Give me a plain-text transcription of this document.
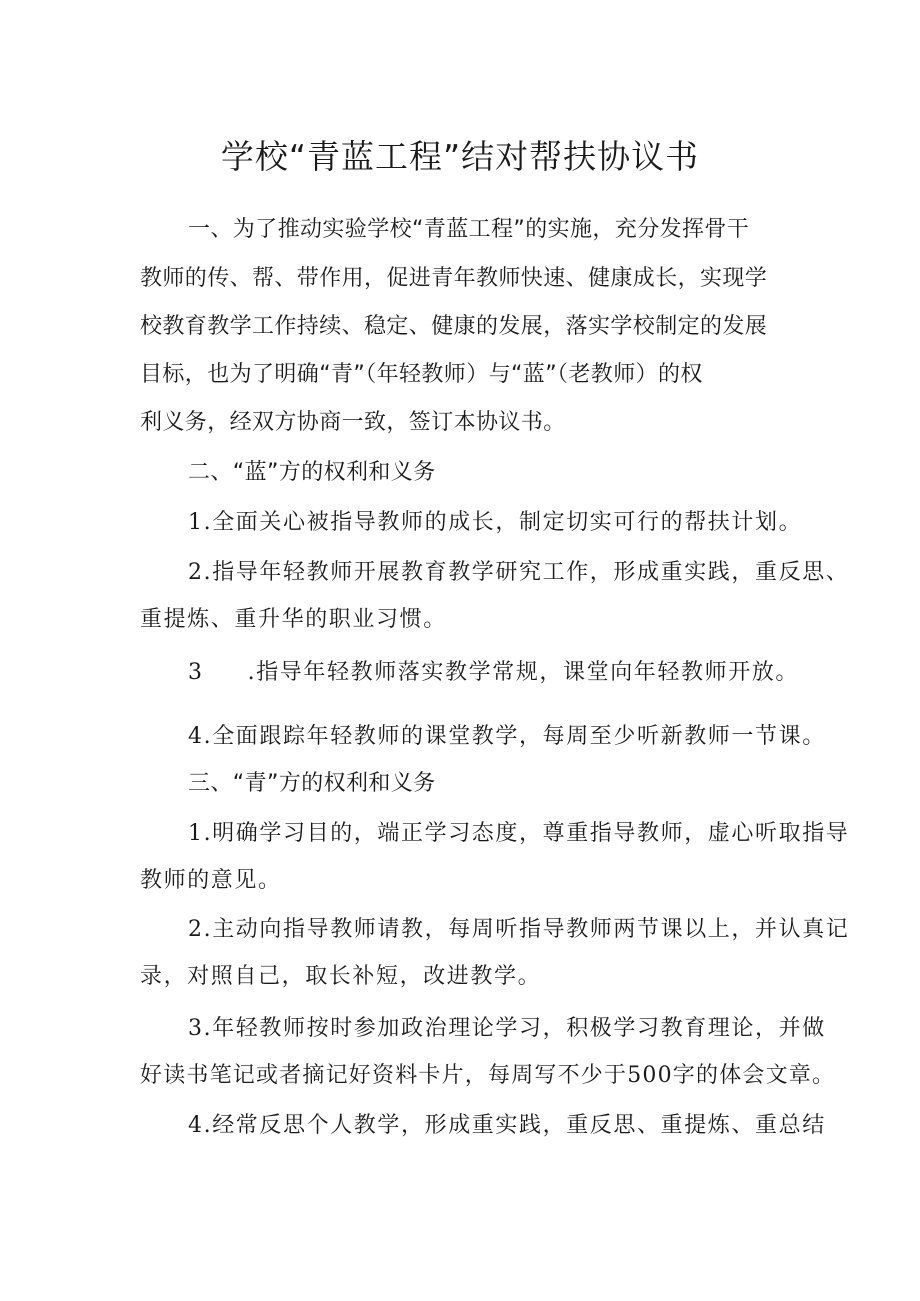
学校“青蓝工程”结对帮扶协议书
一、为了推动实验学校“青蓝工程”的实施，充分发挥骨干
教师的传、帮、带作用，促进青年教师快速、健康成长，实现学
校教育教学工作持续、稳定、健康的发展，落实学校制定的发展
目标，也为了明确“青”（年轻教师）与“蓝”（老教师）的权
利义务，经双方协商一致，签订本协议书。
二、“蓝”方的权利和义务
1.全面关心被指导教师的成长，制定切实可行的帮扶计划。
2.指导年轻教师开展教育教学研究工作，形成重实践，重反思、
重提炼、重升华的职业习惯。
3 .指导年轻教师落实教学常规，课堂向年轻教师开放。
4.全面跟踪年轻教师的课堂教学，每周至少听新教师一节课。
三、“青”方的权利和义务
1.明确学习目的，端正学习态度，尊重指导教师，虚心听取指导
教师的意见。
2.主动向指导教师请教，每周听指导教师两节课以上，并认真记
录，对照自己，取长补短，改进教学。
3.年轻教师按时参加政治理论学习，积极学习教育理论，并做
好读书笔记或者摘记好资料卡片，每周写不少于500字的体会文章。
4.经常反思个人教学，形成重实践，重反思、重提炼、重总结
